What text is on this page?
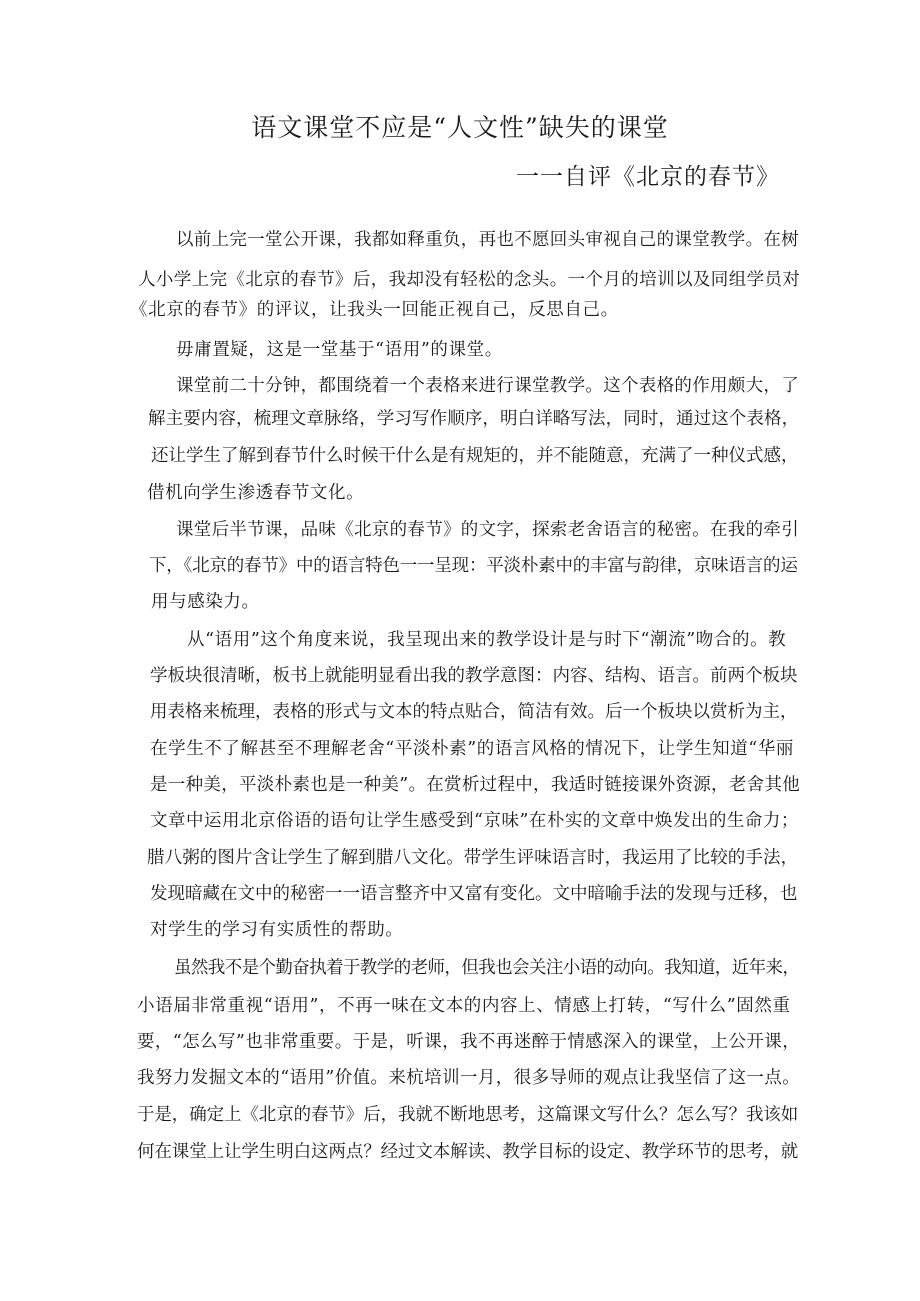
语文课堂不应是“人文性”缺失的课堂
一一自评《北京的春节》
以前上完一堂公开课，我都如释重负，再也不愿回头审视自己的课堂教学。在树
人小学上完《北京的春节》后，我却没有轻松的念头。一个月的培训以及同组学员对
《北京的春节》的评议，让我头一回能正视自己，反思自己。
毋庸置疑，这是一堂基于“语用”的课堂。
课堂前二十分钟，都围绕着一个表格来进行课堂教学。这个表格的作用颇大，了
解主要内容，梳理文章脉络，学习写作顺序，明白详略写法，同时，通过这个表格，
还让学生了解到春节什么时候干什么是有规矩的，并不能随意，充满了一种仪式感，
借机向学生渗透春节文化。
课堂后半节课，品味《北京的春节》的文字，探索老舍语言的秘密。在我的牵引
下，《北京的春节》中的语言特色一一呈现：平淡朴素中的丰富与韵律，京味语言的运
用与感染力。
从“语用”这个角度来说，我呈现出来的教学设计是与时下“潮流”吻合的。教
学板块很清晰，板书上就能明显看出我的教学意图：内容、结构、语言。前两个板块
用表格来梳理，表格的形式与文本的特点贴合，简洁有效。后一个板块以赏析为主，
在学生不了解甚至不理解老舍“平淡朴素”的语言风格的情况下，让学生知道“华丽
是一种美，平淡朴素也是一种美”。在赏析过程中，我适时链接课外资源，老舍其他
文章中运用北京俗语的语句让学生感受到“京味”在朴实的文章中焕发出的生命力；
腊八粥的图片含让学生了解到腊八文化。带学生评味语言时，我运用了比较的手法，
发现暗藏在文中的秘密一一语言整齐中又富有变化。文中暗喻手法的发现与迁移，也
对学生的学习有实质性的帮助。
虽然我不是个勤奋执着于教学的老师，但我也会关注小语的动向。我知道，近年来，
小语届非常重视“语用”，不再一味在文本的内容上、情感上打转，“写什么”固然重
要，“怎么写”也非常重要。于是，听课，我不再迷醉于情感深入的课堂，上公开课，
我努力发掘文本的“语用”价值。来杭培训一月，很多导师的观点让我坚信了这一点。
于是，确定上《北京的春节》后，我就不断地思考，这篇课文写什么？怎么写？我该如
何在课堂上让学生明白这两点？经过文本解读、教学目标的设定、教学环节的思考，就
